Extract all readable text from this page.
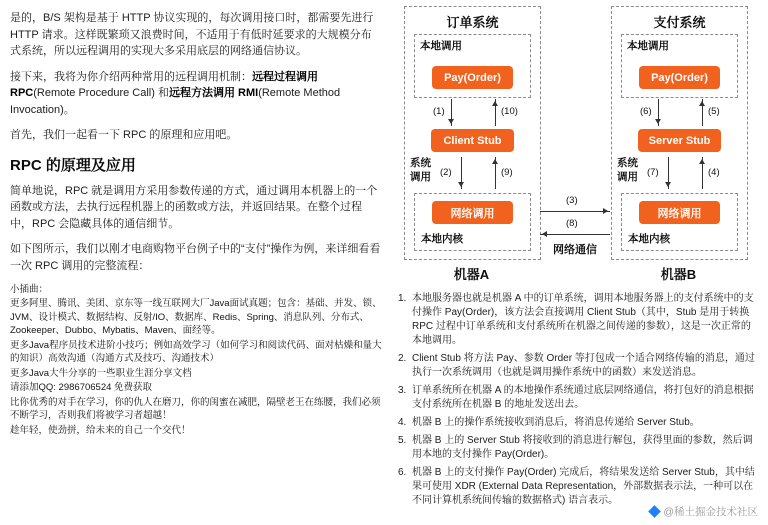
是的，B/S 架构是基于 HTTP 协议实现的，每次调用接口时，都需要先进行 HTTP 请求。这样既繁琐又浪费时间，不适用于有低时延要求的大规模分布式系统，所以远程调用的实现大多采用底层的网络通信协议。

接下来，我将为你介绍两种常用的远程调用机制：远程过程调用 RPC(Remote Procedure Call) 和远程方法调用 RMI(Remote Method Invocation)。

首先，我们一起看一下 RPC 的原理和应用吧。

RPC 的原理及应用

简单地说，RPC 就是调用方采用参数传递的方式，通过调用本机器上的一个函数或方法，去执行远程机器上的函数或方法，并返回结果。在整个过程中，RPC 会隐藏具体的通信细节。

如下图所示，我们以刚才电商购物平台例子中的“支付”操作为例，来详细看看一次 RPC 调用的完整流程：

小插曲：
更多阿里、腾讯、美团、京东等一线互联网大厂Java面试真题；包含：基础、并发、锁、JVM、设计模式、数据结构、反射/IO、数据库、Redis、Spring、消息队列、分布式、Zookeeper、Dubbo、Mybatis、Maven、面经等。
更多Java程序员技术进阶小技巧；例如高效学习（如何学习和阅读代码、面对枯燥和量大的知识）高效沟通（沟通方式及技巧、沟通技术）
更多Java大牛分享的一些职业生涯分享文档
请添加QQ: 2986706524 免费获取
比你优秀的对手在学习，你的仇人在磨刀，你的闺蜜在减肥，隔壁老王在练腰，我们必须不断学习，否则我们将被学习者超越！
趁年轻，使劲拼，给未来的自己一个交代！
订单系统
本地调用
Pay(Order)
(1)	(10)
Client Stub
系统调用 (2)	(9)
网络调用
本地内核
机器A
(3)
(8)
网络通信
支付系统
本地调用
Pay(Order)
(6)	(5)
Server Stub
系统调用 (7)	(4)
网络调用
本地内核
机器B
1. 本地服务器也就是机器 A 中的订单系统，调用本地服务器上的支付系统中的支付操作 Pay(Order)，该方法会直接调用 Client Stub（其中，Stub 是用于转换 RPC 过程中订单系统和支付系统所在机器之间传递的参数），这是一次正常的本地调用。
2. Client Stub 将方法 Pay、参数 Order 等打包成一个适合网络传输的消息，通过执行一次系统调用（也就是调用操作系统中的函数）来发送消息。
3. 订单系统所在机器 A 的本地操作系统通过底层网络通信，将打包好的消息根据支付系统所在机器 B 的地址发送出去。
4. 机器 B 上的操作系统接收到消息后，将消息传递给 Server Stub。
5. 机器 B 上的 Server Stub 将接收到的消息进行解包，获得里面的参数，然后调用本地的支付操作 Pay(Order)。
6. 机器 B 上的支付操作 Pay(Order) 完成后，将结果发送给 Server Stub，其中结果可使用 XDR (External Data Representation，外部数据表示法，一种可以在不同计算机系统间传输的数据格式) 语言表示。
@稀土掘金技术社区
